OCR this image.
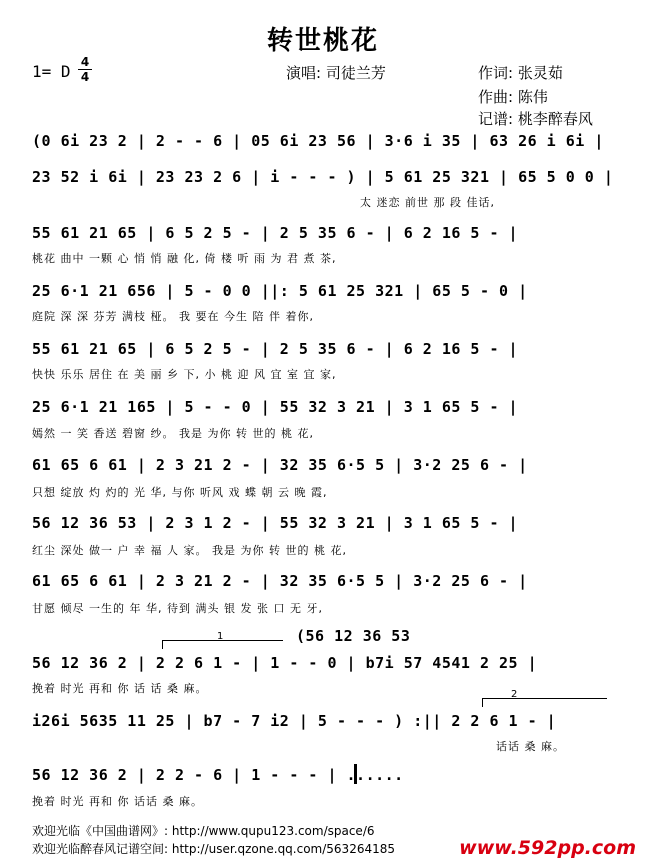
转世桃花
1= D 4
4	演唱: 司徒兰芳	作词: 张灵茹
作曲: 陈伟
记谱: 桃李醉春风
(0 6i 23 2 | 2 - - 6 | 05 6i 23 56 | 3·6 i 35 | 63 26 i 6i |
23 52 i 6i | 23 23 2 6 | i - - - ) | 5 61 25 321 | 65 5 0 0 |
太 迷恋 前世 那 段 佳话,
55 61 21 65 | 6 5 2 5 - | 2 5 35 6 - | 6 2 16 5 - |
桃花 曲中 一颗 心 悄 悄 融 化, 倚 楼 听 雨 为 君 煮 茶,
25 6·1 21 656 | 5 - 0 0 ||: 5 61 25 321 | 65 5 - 0 |
庭院 深 深 芬芳 满枝 桠。 我 要在 今生 陪 伴 着你,
55 61 21 65 | 6 5 2 5 - | 2 5 35 6 - | 6 2 16 5 - |
快快 乐乐 居住 在 美 丽 乡 下, 小 桃 迎 风 宜 室 宜 家,
25 6·1 21 165 | 5 - - 0 | 55 32 3 21 | 3 1 65 5 - |
嫣然 一 笑 香送 碧窗 纱。 我是 为你 转 世的 桃 花,
61 65 6 61 | 2 3 21 2 - | 32 35 6·5 5 | 3·2 25 6 - |
只想 绽放 灼 灼的 光 华, 与你 听风 戏 蝶 朝 云 晚 霞,
56 12 36 53 | 2 3 1 2 - | 55 32 3 21 | 3 1 65 5 - |
红尘 深处 做一 户 幸 福 人 家。 我是 为你 转 世的 桃 花,
61 65 6 61 | 2 3 21 2 - | 32 35 6·5 5 | 3·2 25 6 - |
甘愿 倾尽 一生的 年 华, 待到 满头 银 发 张 口 无 牙,
1	(56 12 36 53
56 12 36 2 | 2 2 6 1 - | 1 - - 0 | b7i 57 4541 2 25 |
挽着 时光 再和 你 话 话 桑 麻。	2
i26i 5635 11 25 | b7 - 7 i2 | 5 - - - ) :|| 2 2 6 1 - |
话话 桑 麻。
56 12 36 2 | 2 2 - 6 | 1 - - - | ......
挽着 时光 再和 你 话话 桑 麻。
欢迎光临《中国曲谱网》: http://www.qupu123.com/space/6
欢迎光临醉春风记谱空间: http://user.qzone.qq.com/563264185	www.592pp.com
